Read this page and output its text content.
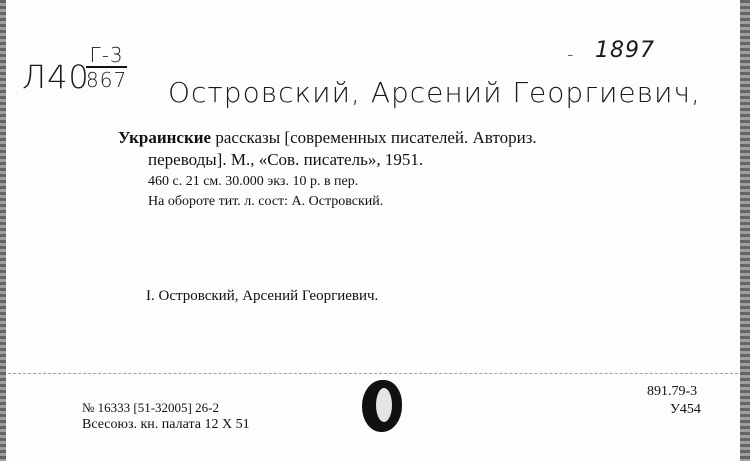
Л40
Г-3
867
- 1897
Островский, Арсений Георгиевич,
Украинские рассказы [современных писателей. Авториз.
переводы]. М., «Сов. писатель», 1951.
460 с. 21 см. 30.000 экз. 10 р. в пер.
На обороте тит. л. сост: А. Островский.
I. Островский, Арсений Георгиевич.
№ 16333 [51-32005] 26-2
Всесоюз. кн. палата 12 X 51
891.79-3
У454
